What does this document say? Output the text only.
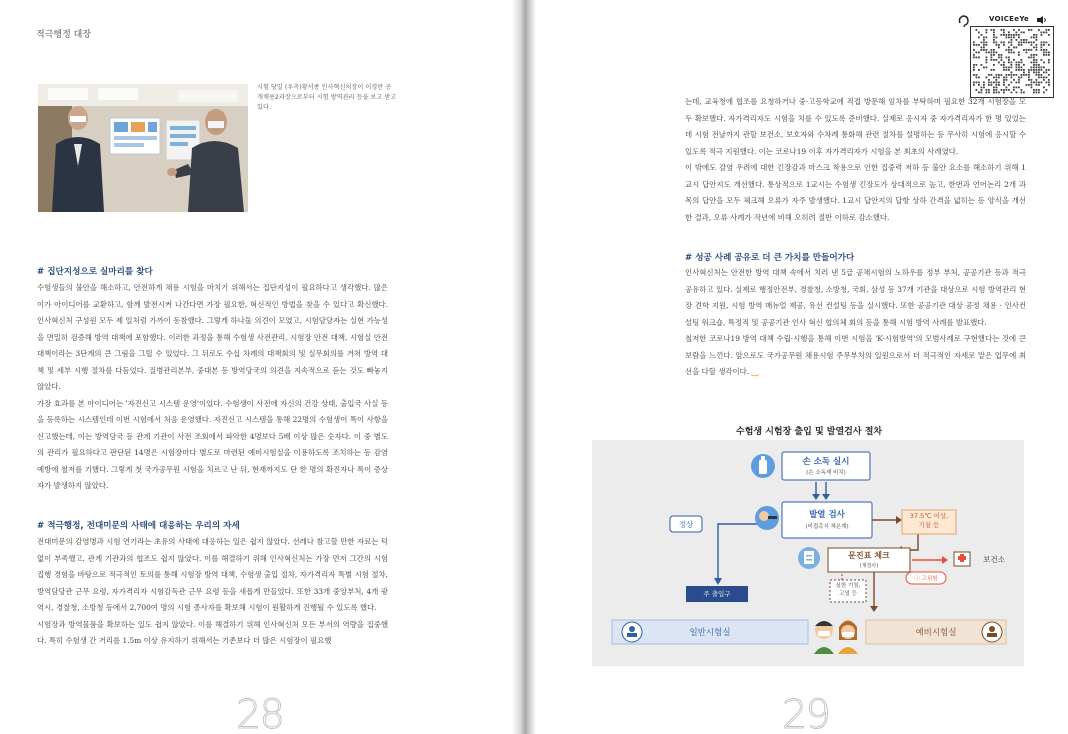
적극행정 대장
시험 당일 (우측)황서종 인사혁신처장이 이경란 공개채용2과장으로부터 시험 방역관리 등을 보고 받고 있다.
# 집단지성으로 실마리를 찾다
수험생들의 불안을 해소하고, 안전하게 채용 시험을 마치기 위해서는 집단지성이 필요하다고 생각했다. 많은 이가 아이디어를 교환하고, 함께 발전시켜 나간다면 가장 필요한, 혁신적인 방법을 찾을 수 있다고 확신했다. 인사혁신처 구성원 모두 제 일처럼 가까이 동참했다. 그렇게 하나둘 의견이 모였고, 시험담당자는 실현 가능성을 면밀히 검증해 방역 대책에 포함했다. 이러한 과정을 통해 수험생 사전관리, 시험장 안전 대책, 시험실 안전 대책이라는 3단계의 큰 그림을 그릴 수 있었다. 그 뒤로도 수십 차례의 대책회의 및 실무회의를 거쳐 방역 대책 및 세부 시행 절차를 다듬었다. 질병관리본부, 중대본 등 방역당국의 의견을 지속적으로 듣는 것도 빠놓지 않았다.
가장 효과를 본 아이디어는 '자진신고 시스템 운영'이었다. 수험생이 사전에 자신의 건강 상태, 출입국 사실 등을 등록하는 시스템인데 이번 시험에서 처음 운영했다. 자진신고 시스템을 통해 22명의 수험생이 특이 사항을 신고했는데, 이는 방역당국 등 관계 기관이 사전 조회에서 파악한 4명보다 5배 이상 많은 숫자다. 이 중 별도의 관리가 필요하다고 판단된 14명은 시험장마다 별도로 마련된 예비시험실을 이용하도록 조치하는 등 감염 예방에 철저를 기했다. 그렇게 첫 국가공무원 시험을 치르고 난 뒤, 현재까지도 단 한 명의 확진자나 특이 증상자가 발생하지 않았다.
# 적극행정, 전대미문의 사태에 대응하는 우리의 자세
전대미문의 감염병과 시험 연기라는 초유의 사태에 대응하는 일은 쉽지 않았다. 선례나 참고할 만한 자료는 턱없이 부족했고, 관계 기관과의 협조도 쉽지 않았다. 이를 해결하기 위해 인사혁신처는 가장 먼저 그간의 시험 집행 경험을 바탕으로 적극적인 토의를 통해 시험장 방역 대책, 수험생 출입 절차, 자가격리자 특별 시험 절차, 방역담당관 근무 요령, 자가격리자 시험감독관 근무 요령 등을 새롭게 만들었다. 또한 33개 중앙부처, 4개 광역시, 경찰청, 소방청 등에서 2,700여 명의 시험 종사자를 확보해 시험이 원활하게 진행될 수 있도록 했다.
시험장과 방역물품을 확보하는 일도 쉽지 않았다. 이를 해결하기 위해 인사혁신처 모든 부서의 역량을 집중했다. 특히 수험생 간 거리를 1.5m 이상 유지하기 위해서는 기존보다 더 많은 시험장이 필요했
28
VOICEeYe
는데, 교육청에 협조를 요청하거나 중·고등학교에 직접 방문해 임차를 부탁하며 필요한 32개 시험장을 모두 확보했다. 자가격리자도 시험을 치를 수 있도록 준비했다. 실제로 응시자 중 자가격리자가 한 명 있었는데 시험 전날까지 관할 보건소, 보호자와 수차례 통화해 관련 절차를 설명하는 등 무사히 시험에 응시할 수 있도록 적극 지원했다. 이는 코로나19 이후 자가격리자가 시험을 본 최초의 사례였다.
이 밖에도 감염 우려에 대한 긴장감과 마스크 착용으로 인한 집중력 저하 등 불안 요소를 해소하기 위해 1교시 답안지도 개선했다. 통상적으로 1교시는 수험생 긴장도가 상대적으로 높고, 한번과 언어논리 2개 과목의 답안을 모두 체크해 오류가 자주 발생했다. 1교시 답안지의 답항 상하 간격을 넓히는 등 양식을 개선한 결과, 오류 사례가 작년에 비해 오히려 절반 이하로 감소했다.
# 성공 사례 공유로 더 큰 가치를 만들어가다
인사혁신처는 안전한 방역 대책 속에서 치러 낸 5급 공채시험의 노하우를 정부 부처, 공공기관 등과 적극 공유하고 있다. 실제로 행정안전부, 경찰청, 소방청, 국회, 삼성 등 37개 기관을 대상으로 시험 방역관리 현장 견학 지원, 시험 방역 매뉴얼 제공, 유선 컨설팅 등을 실시했다. 또한 공공기관 대상 공정 채용 · 인사컨설팅 워크숍, 특정직 및 공공기관 인사 혁신 협의체 회의 등을 통해 시험 방역 사례를 발표했다.
철저한 코로나19 방역 대책 수립·시행을 통해 이번 시험을 'K-시험방역'의 모범사례로 구현했다는 것에 큰 보람을 느낀다. 앞으로도 국가공무원 채용시험 주무부처의 일원으로서 더 적극적인 자세로 맡은 업무에 최선을 다할 생각이다. ‿
수험생 시험장 출입 및 발열검사 절차
손 소독 실시
(손 소독제 비치)
발열 검사
(비접촉식 체온계)
정상
37.5℃ 이상,
기침 등
문진표 체크
(재검사)
ⓘ 고위험
보건소
주 출입구
심한 기침,
고열 등
일반시험실	예비시험실
29
